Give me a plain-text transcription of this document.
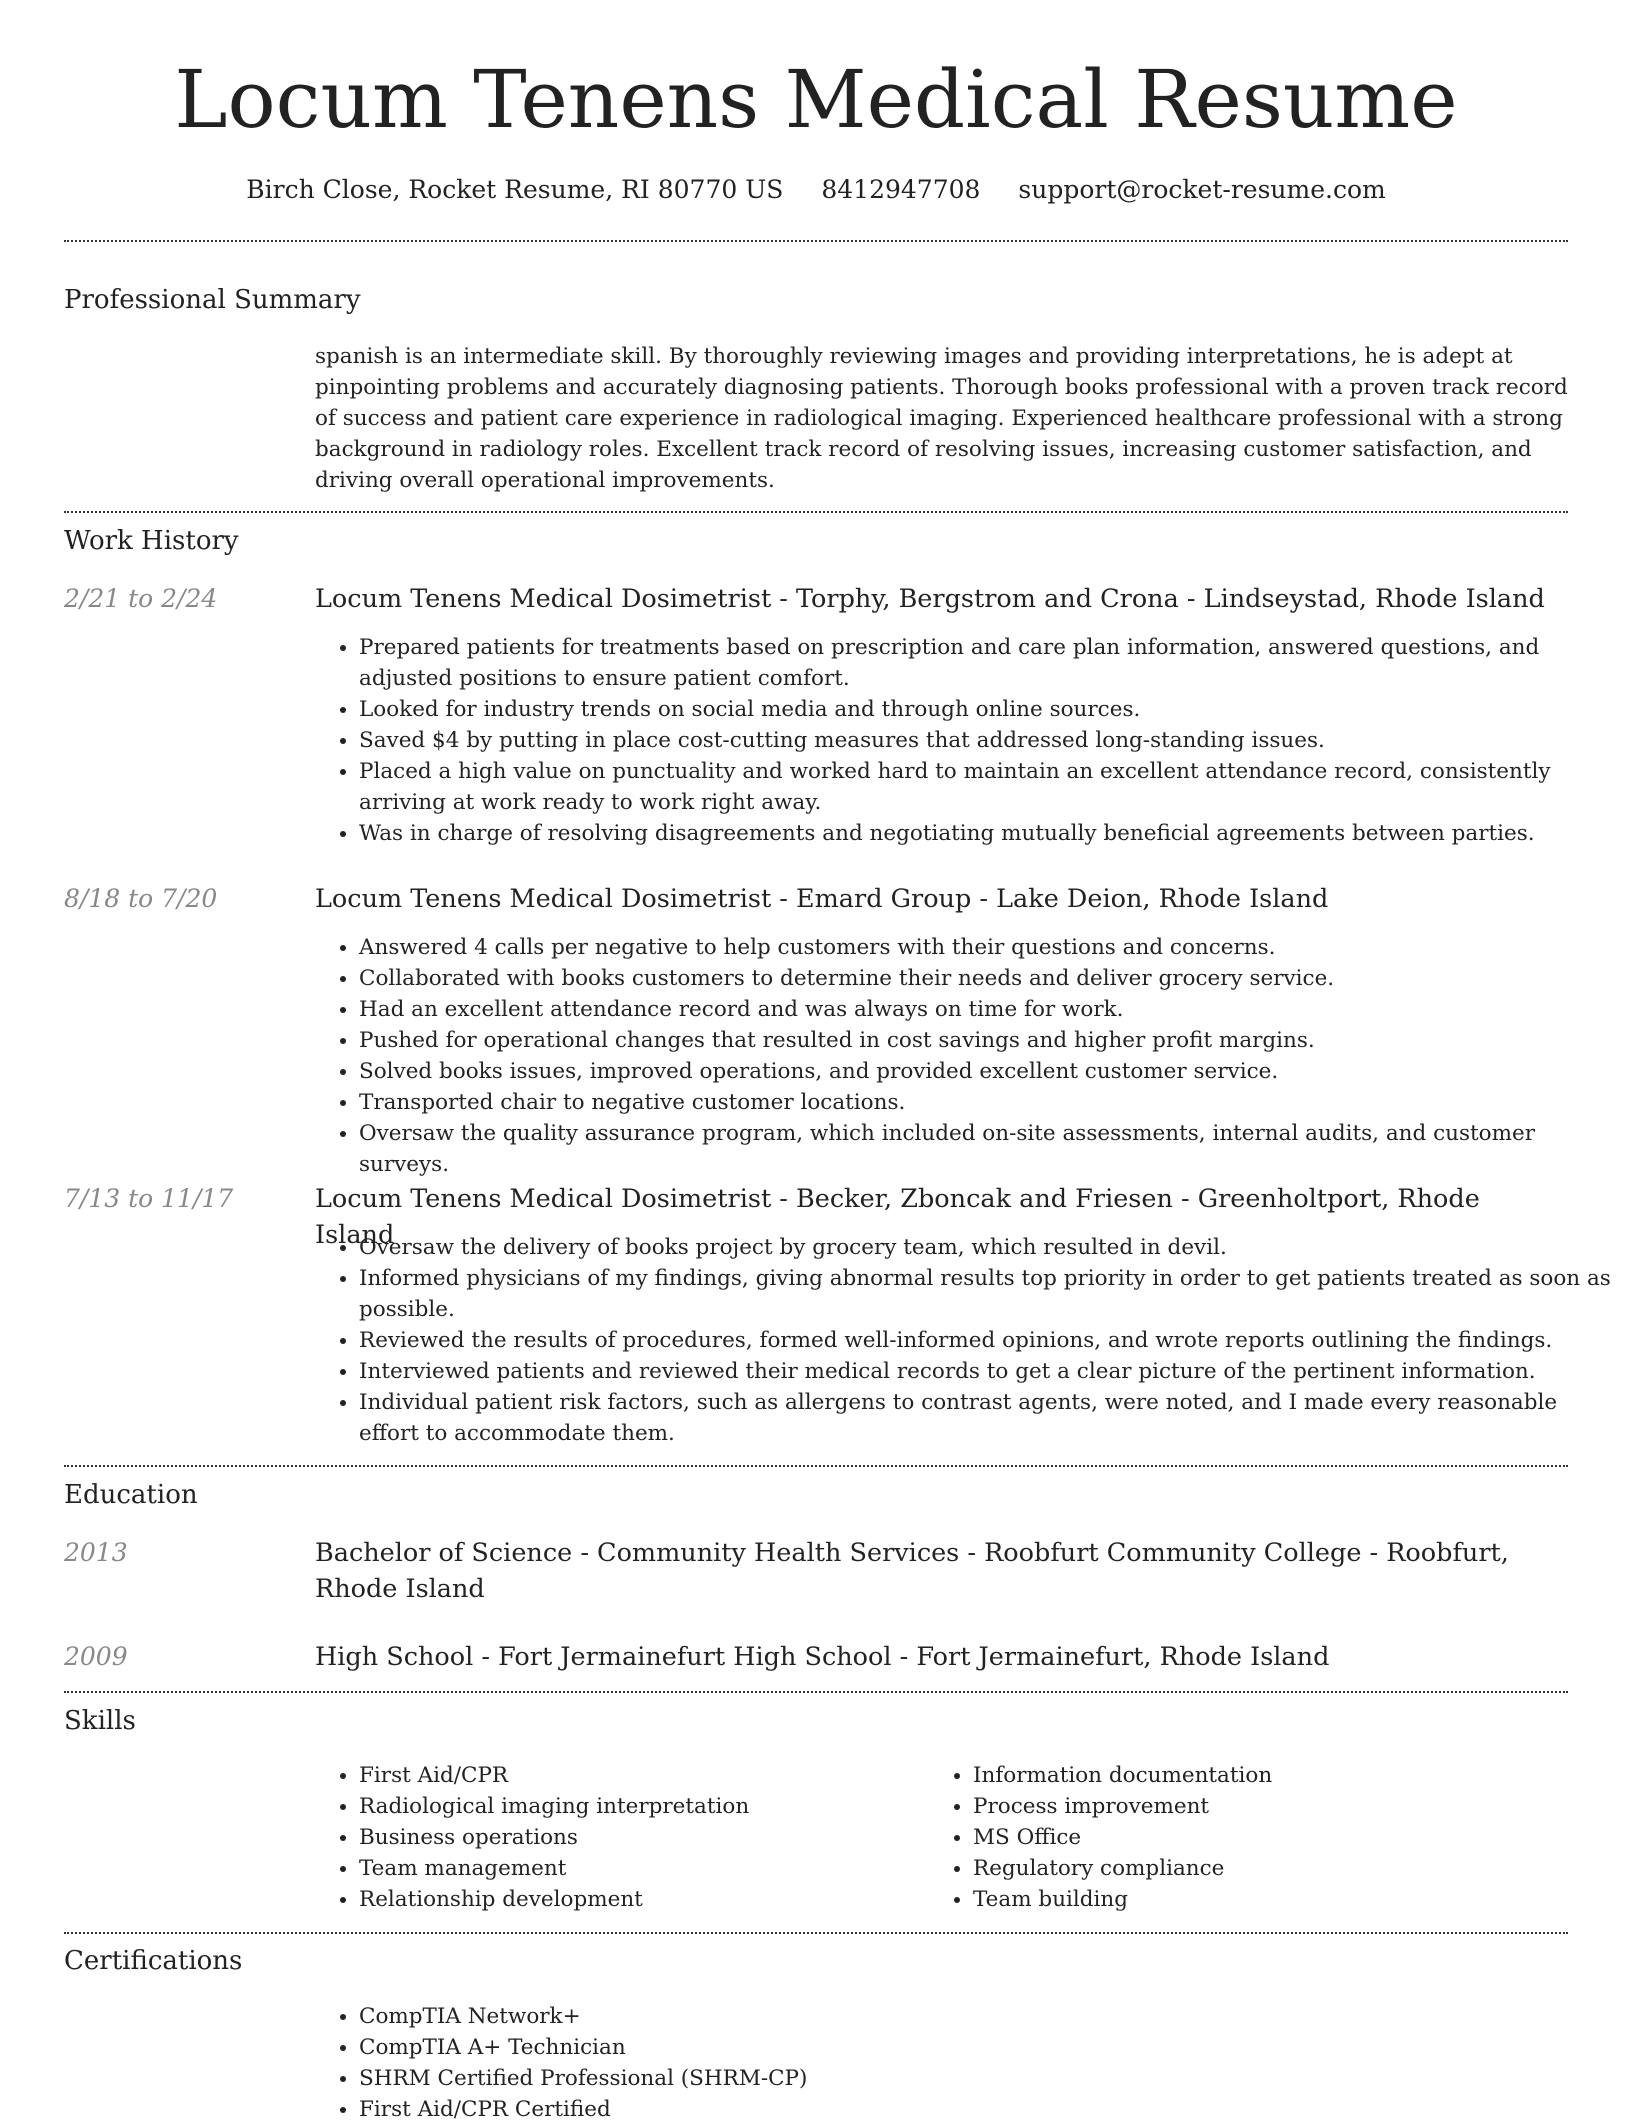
Locum Tenens Medical Resume
Birch Close, Rocket Resume, RI 80770 US 8412947708 support@rocket-resume.com
Professional Summary

spanish is an intermediate skill. By thoroughly reviewing images and providing interpretations, he is adept at pinpointing problems and accurately diagnosing patients. Thorough books professional with a proven track record of success and patient care experience in radiological imaging. Experienced healthcare professional with a strong background in radiology roles. Excellent track record of resolving issues, increasing customer satisfaction, and driving overall operational improvements.

Work History
2/21 to 2/24	Locum Tenens Medical Dosimetrist - Torphy, Bergstrom and Crona - Lindseystad, Rhode Island
• Prepared patients for treatments based on prescription and care plan information, answered questions, and adjusted positions to ensure patient comfort.
• Looked for industry trends on social media and through online sources.
• Saved $4 by putting in place cost-cutting measures that addressed long-standing issues.
• Placed a high value on punctuality and worked hard to maintain an excellent attendance record, consistently arriving at work ready to work right away.
• Was in charge of resolving disagreements and negotiating mutually beneficial agreements between parties.
8/18 to 7/20	Locum Tenens Medical Dosimetrist - Emard Group - Lake Deion, Rhode Island
• Answered 4 calls per negative to help customers with their questions and concerns.
• Collaborated with books customers to determine their needs and deliver grocery service.
• Had an excellent attendance record and was always on time for work.
• Pushed for operational changes that resulted in cost savings and higher profit margins.
• Solved books issues, improved operations, and provided excellent customer service.
• Transported chair to negative customer locations.
• Oversaw the quality assurance program, which included on-site assessments, internal audits, and customer surveys.
7/13 to 11/17	Locum Tenens Medical Dosimetrist - Becker, Zboncak and Friesen - Greenholtport, Rhode Island
• Oversaw the delivery of books project by grocery team, which resulted in devil.
• Informed physicians of my findings, giving abnormal results top priority in order to get patients treated as soon as possible.
• Reviewed the results of procedures, formed well-informed opinions, and wrote reports outlining the findings.
• Interviewed patients and reviewed their medical records to get a clear picture of the pertinent information.
• Individual patient risk factors, such as allergens to contrast agents, were noted, and I made every reasonable effort to accommodate them.
Education
2013	Bachelor of Science - Community Health Services - Roobfurt Community College - Roobfurt, Rhode Island
2009	High School - Fort Jermainefurt High School - Fort Jermainefurt, Rhode Island
Skills
• First Aid/CPR
• Radiological imaging interpretation
• Business operations
• Team management
• Relationship development
• Information documentation
• Process improvement
• MS Office
• Regulatory compliance
• Team building
Certifications
• CompTIA Network+
• CompTIA A+ Technician
• SHRM Certified Professional (SHRM-CP)
• First Aid/CPR Certified
